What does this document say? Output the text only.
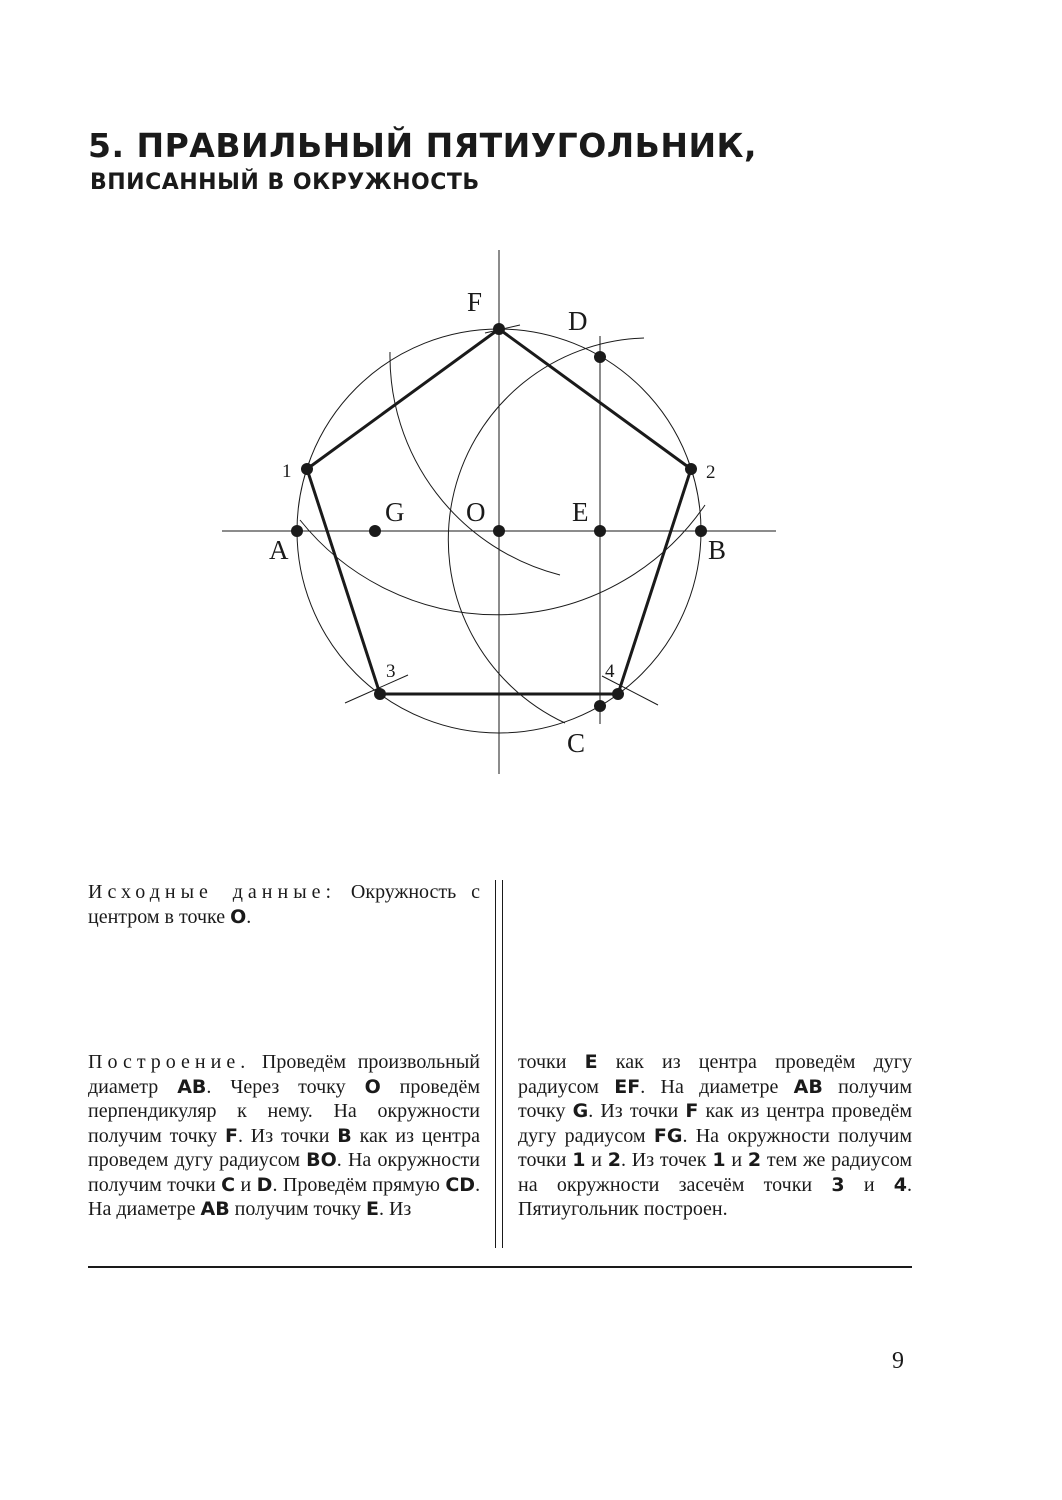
5. ПРАВИЛЬНЫЙ ПЯТИУГОЛЬНИК,
ВПИСАННЫЙ В ОКРУЖНОСТЬ
F
D
1	2
G O	E
A	B
3	4
C

Исходные данные: Окружность с центром в точке O.

Построение. Проведём произвольный диаметр AB. Через точку O проведём перпендикуляр к нему. На окружности получим точку F. Из точки B как из центра проведем дугу радиусом BO. На окружности получим точки C и D. Проведём прямую CD. На диаметре AB получим точку E. Из

точки E как из центра проведём дугу радиусом EF. На диаметре AB получим точку G. Из точки F как из центра проведём дугу радиусом FG. На окружности получим точки 1 и 2. Из точек 1 и 2 тем же радиусом на окружности засечём точки 3 и 4. Пятиугольник построен.

9
